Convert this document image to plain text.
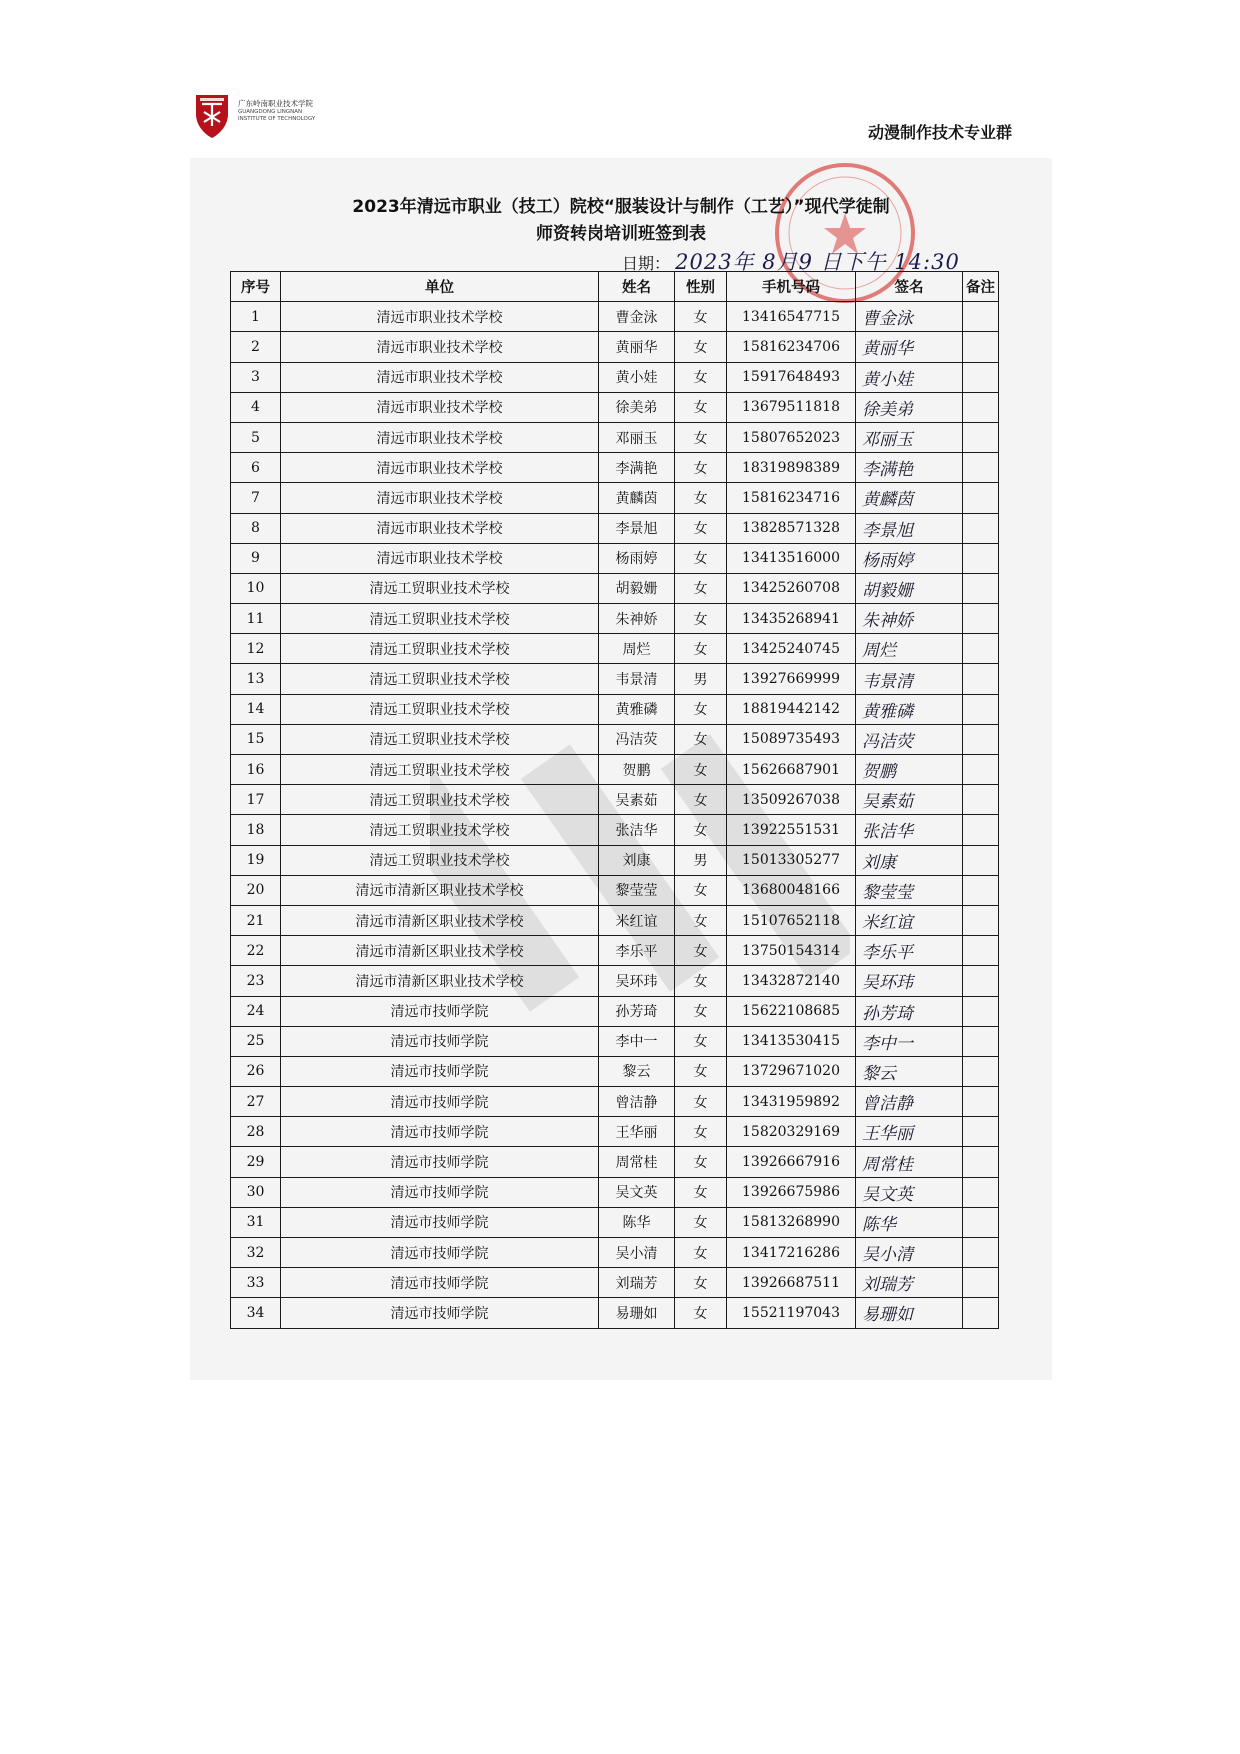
广东岭南职业技术学院
GUANGDONG LINGNAN
INSTITUTE OF TECHNOLOGY
动漫制作技术专业群
2023年清远市职业（技工）院校“服装设计与制作（工艺）”现代学徒制
师资转岗培训班签到表
日期： 2023年 8月9 日下午 14:30
序号	单位	姓名	性别	手机号码	签名	备注
1	清远市职业技术学校	曹金泳	女	13416547715	曹金泳	
2	清远市职业技术学校	黄丽华	女	15816234706	黄丽华	
3	清远市职业技术学校	黄小娃	女	15917648493	黄小娃	
4	清远市职业技术学校	徐美弟	女	13679511818	徐美弟	
5	清远市职业技术学校	邓丽玉	女	15807652023	邓丽玉	
6	清远市职业技术学校	李满艳	女	18319898389	李满艳	
7	清远市职业技术学校	黄麟茵	女	15816234716	黄麟茵	
8	清远市职业技术学校	李景旭	女	13828571328	李景旭	
9	清远市职业技术学校	杨雨婷	女	13413516000	杨雨婷	
10	清远工贸职业技术学校	胡毅姗	女	13425260708	胡毅姗	
11	清远工贸职业技术学校	朱神娇	女	13435268941	朱神娇	
12	清远工贸职业技术学校	周烂	女	13425240745	周烂	
13	清远工贸职业技术学校	韦景清	男	13927669999	韦景清	
14	清远工贸职业技术学校	黄雅磷	女	18819442142	黄雅磷	
15	清远工贸职业技术学校	冯洁荧	女	15089735493	冯洁荧	
16	清远工贸职业技术学校	贺鹏	女	15626687901	贺鹏	
17	清远工贸职业技术学校	吴素茹	女	13509267038	吴素茹	
18	清远工贸职业技术学校	张洁华	女	13922551531	张洁华	
19	清远工贸职业技术学校	刘康	男	15013305277	刘康	
20	清远市清新区职业技术学校	黎莹莹	女	13680048166	黎莹莹	
21	清远市清新区职业技术学校	米红谊	女	15107652118	米红谊	
22	清远市清新区职业技术学校	李乐平	女	13750154314	李乐平	
23	清远市清新区职业技术学校	吴环玮	女	13432872140	吴环玮	
24	清远市技师学院	孙芳琦	女	15622108685	孙芳琦	
25	清远市技师学院	李中一	女	13413530415	李中一	
26	清远市技师学院	黎云	女	13729671020	黎云	
27	清远市技师学院	曾洁静	女	13431959892	曾洁静	
28	清远市技师学院	王华丽	女	15820329169	王华丽	
29	清远市技师学院	周常桂	女	13926667916	周常桂	
30	清远市技师学院	吴文英	女	13926675986	吴文英	
31	清远市技师学院	陈华	女	15813268990	陈华	
32	清远市技师学院	吴小清	女	13417216286	吴小清	
33	清远市技师学院	刘瑞芳	女	13926687511	刘瑞芳	
34	清远市技师学院	易珊如	女	15521197043	易珊如	
